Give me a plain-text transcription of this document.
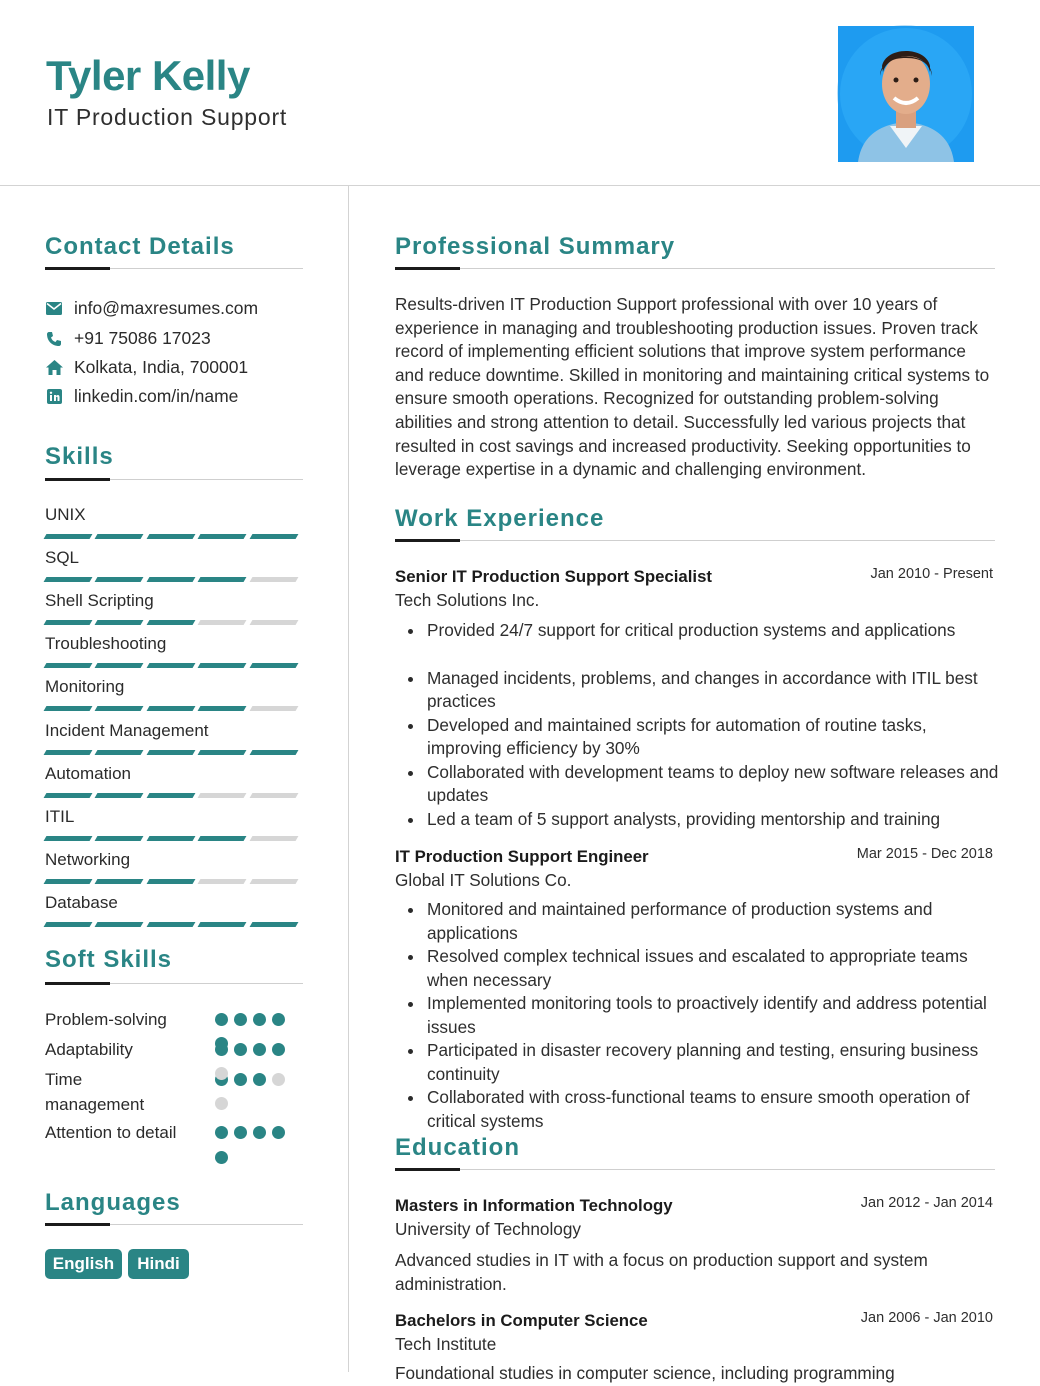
Tyler Kelly
IT Production Support
Contact Details
info@maxresumes.com
+91 75086 17023
Kolkata, India, 700001
linkedin.com/in/name
Skills
UNIX
SQL
Shell Scripting
Troubleshooting
Monitoring
Incident Management
Automation
ITIL
Networking
Database
Soft Skills
Problem-solving
Adaptability
Time management
Attention to detail
Languages
English	Hindi
Professional Summary
Results-driven IT Production Support professional with over 10 years of experience in managing and troubleshooting production issues. Proven track record of implementing efficient solutions that improve system performance and reduce downtime. Skilled in monitoring and maintaining critical systems to ensure smooth operations. Recognized for outstanding problem-solving abilities and strong attention to detail. Successfully led various projects that resulted in cost savings and increased productivity. Seeking opportunities to leverage expertise in a dynamic and challenging environment.
Work Experience
Senior IT Production Support Specialist	Jan 2010 - Present
Tech Solutions Inc.
Provided 24/7 support for critical production systems and applications
Managed incidents, problems, and changes in accordance with ITIL best practices
Developed and maintained scripts for automation of routine tasks, improving efficiency by 30%
Collaborated with development teams to deploy new software releases and updates
Led a team of 5 support analysts, providing mentorship and training
IT Production Support Engineer	Mar 2015 - Dec 2018
Global IT Solutions Co.
Monitored and maintained performance of production systems and applications
Resolved complex technical issues and escalated to appropriate teams when necessary
Implemented monitoring tools to proactively identify and address potential issues
Participated in disaster recovery planning and testing, ensuring business continuity
Collaborated with cross-functional teams to ensure smooth operation of critical systems
Education
Masters in Information Technology	Jan 2012 - Jan 2014
University of Technology
Advanced studies in IT with a focus on production support and system administration.
Bachelors in Computer Science	Jan 2006 - Jan 2010
Tech Institute
Foundational studies in computer science, including programming
